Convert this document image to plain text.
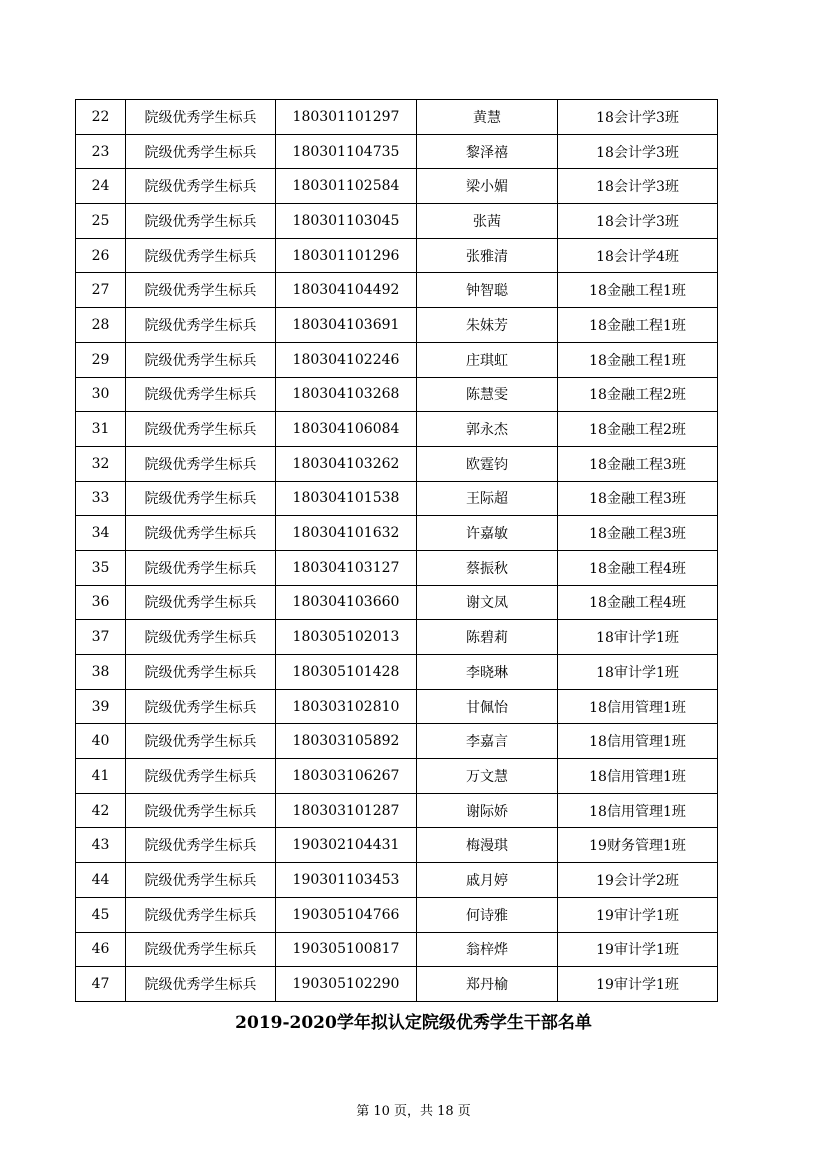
22	院级优秀学生标兵	180301101297	黄慧	18会计学3班
23	院级优秀学生标兵	180301104735	黎泽禧	18会计学3班
24	院级优秀学生标兵	180301102584	梁小媚	18会计学3班
25	院级优秀学生标兵	180301103045	张茜	18会计学3班
26	院级优秀学生标兵	180301101296	张雅清	18会计学4班
27	院级优秀学生标兵	180304104492	钟智聪	18金融工程1班
28	院级优秀学生标兵	180304103691	朱妹芳	18金融工程1班
29	院级优秀学生标兵	180304102246	庄琪虹	18金融工程1班
30	院级优秀学生标兵	180304103268	陈慧雯	18金融工程2班
31	院级优秀学生标兵	180304106084	郭永杰	18金融工程2班
32	院级优秀学生标兵	180304103262	欧霆钧	18金融工程3班
33	院级优秀学生标兵	180304101538	王际超	18金融工程3班
34	院级优秀学生标兵	180304101632	许嘉敏	18金融工程3班
35	院级优秀学生标兵	180304103127	蔡振秋	18金融工程4班
36	院级优秀学生标兵	180304103660	谢文凤	18金融工程4班
37	院级优秀学生标兵	180305102013	陈碧莉	18审计学1班
38	院级优秀学生标兵	180305101428	李晓琳	18审计学1班
39	院级优秀学生标兵	180303102810	甘佩怡	18信用管理1班
40	院级优秀学生标兵	180303105892	李嘉言	18信用管理1班
41	院级优秀学生标兵	180303106267	万文慧	18信用管理1班
42	院级优秀学生标兵	180303101287	谢际娇	18信用管理1班
43	院级优秀学生标兵	190302104431	梅漫琪	19财务管理1班
44	院级优秀学生标兵	190301103453	戚月婷	19会计学2班
45	院级优秀学生标兵	190305104766	何诗雅	19审计学1班
46	院级优秀学生标兵	190305100817	翁梓烨	19审计学1班
47	院级优秀学生标兵	190305102290	郑丹榆	19审计学1班
2019-2020学年拟认定院级优秀学生干部名单
第 10 页，共 18 页
